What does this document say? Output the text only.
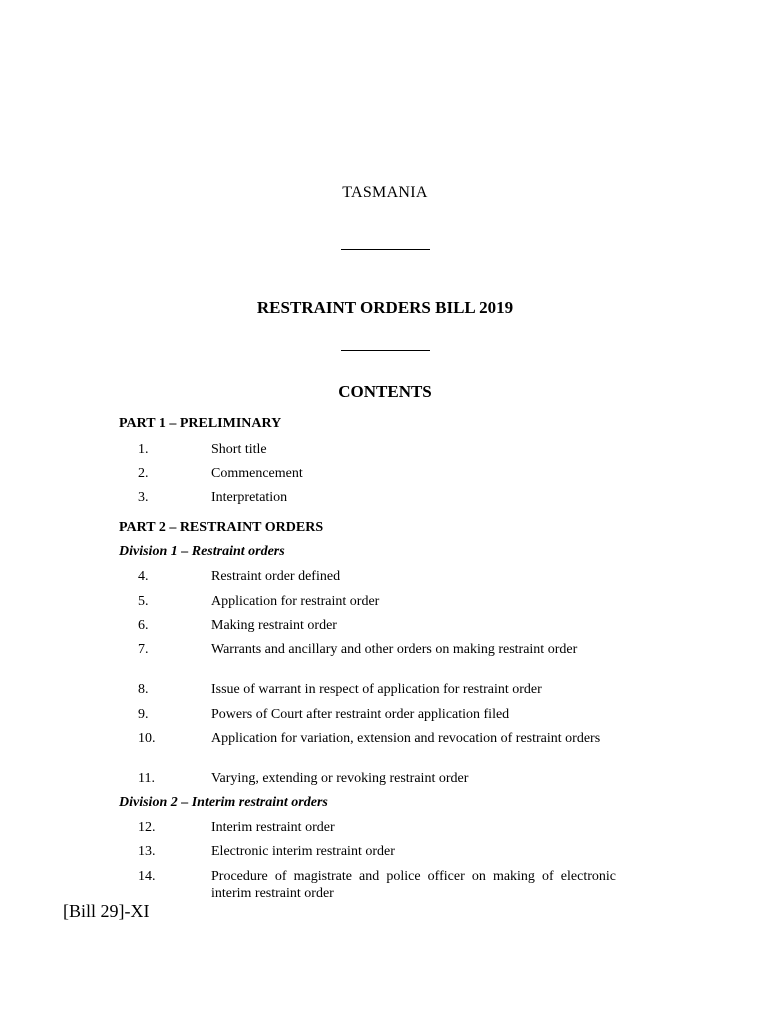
TASMANIA
RESTRAINT ORDERS BILL 2019
CONTENTS
PART 1 – PRELIMINARY
1.	Short title
2.	Commencement
3.	Interpretation
PART 2 – RESTRAINT ORDERS
Division 1 – Restraint orders
4.	Restraint order defined
5.	Application for restraint order
6.	Making restraint order
7.	Warrants and ancillary and other orders on making restraint order
8.	Issue of warrant in respect of application for restraint order
9.	Powers of Court after restraint order application filed
10.	Application for variation, extension and revocation of restraint orders
11.	Varying, extending or revoking restraint order
Division 2 – Interim restraint orders
12.	Interim restraint order
13.	Electronic interim restraint order
14.	Procedure of magistrate and police officer on making of electronic interim restraint order
[Bill 29]-XI
